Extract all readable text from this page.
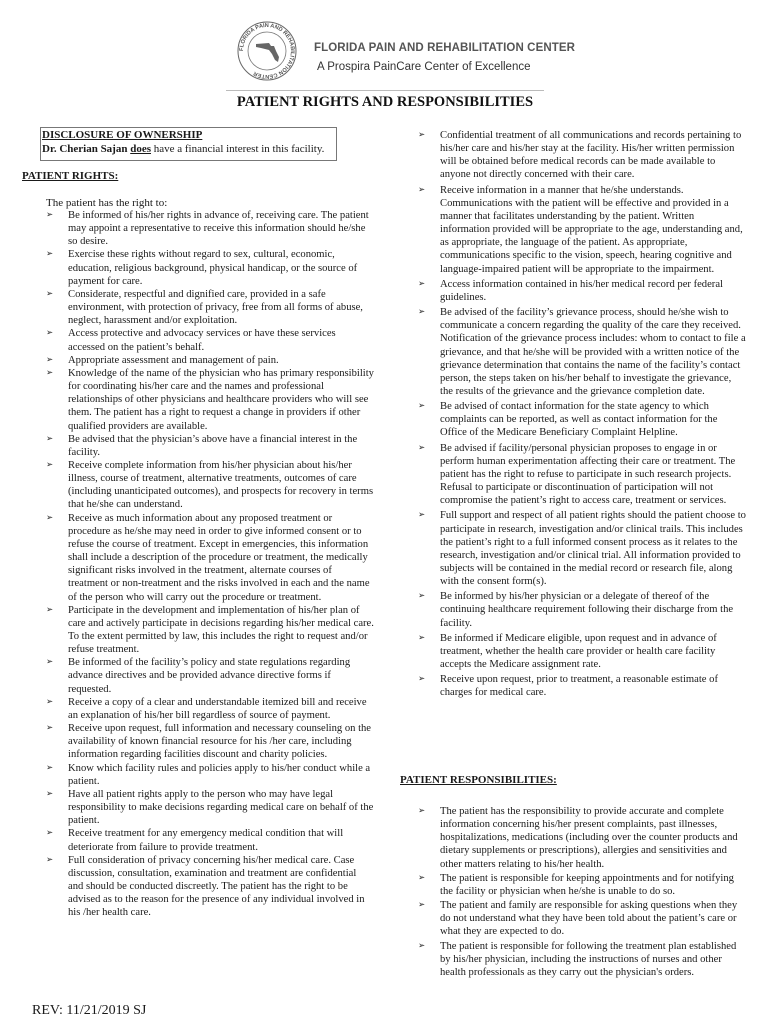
FLORIDA PAIN AND REHABILITATION CENTER
FLORIDA PAIN AND REHABILITATION CENTER
A Prospira PainCare Center of Excellence
PATIENT RIGHTS AND RESPONSIBILITIES
DISCLOSURE OF OWNERSHIP
Dr. Cherian Sajan does have a financial interest in this facility.
PATIENT RIGHTS:
The patient has the right to:
➢ Be informed of his/her rights in advance of, receiving care. The patient may appoint a representative to receive this information should he/she so desire.
➢ Exercise these rights without regard to sex, cultural, economic, education, religious background, physical handicap, or the source of payment for care.
➢ Considerate, respectful and dignified care, provided in a safe environment, with protection of privacy, free from all forms of abuse, neglect, harassment and/or exploitation.
➢ Access protective and advocacy services or have these services accessed on the patient’s behalf.
➢ Appropriate assessment and management of pain.
➢ Knowledge of the name of the physician who has primary responsibility for coordinating his/her care and the names and professional relationships of other physicians and healthcare providers who will see them. The patient has a right to request a change in providers if other qualified providers are available.
➢ Be advised that the physician’s above have a financial interest in the facility.
➢ Receive complete information from his/her physician about his/her illness, course of treatment, alternative treatments, outcomes of care (including unanticipated outcomes), and prospects for recovery in terms that he/she can understand.
➢ Receive as much information about any proposed treatment or procedure as he/she may need in order to give informed consent or to refuse the course of treatment. Except in emergencies, this information shall include a description of the procedure or treatment, the medically significant risks involved in the treatment, alternate courses of treatment or non-treatment and the risks involved in each and the name of the person who will carry out the procedure or treatment.
➢ Participate in the development and implementation of his/her plan of care and actively participate in decisions regarding his/her medical care. To the extent permitted by law, this includes the right to request and/or refuse treatment.
➢ Be informed of the facility’s policy and state regulations regarding advance directives and be provided advance directive forms if requested.
➢ Receive a copy of a clear and understandable itemized bill and receive an explanation of his/her bill regardless of source of payment.
➢ Receive upon request, full information and necessary counseling on the availability of known financial resource for his /her care, including information regarding facilities discount and charity policies.
➢ Know which facility rules and policies apply to his/her conduct while a patient.
➢ Have all patient rights apply to the person who may have legal responsibility to make decisions regarding medical care on behalf of the patient.
➢ Receive treatment for any emergency medical condition that will deteriorate from failure to provide treatment.
➢ Full consideration of privacy concerning his/her medical care. Case discussion, consultation, examination and treatment are confidential and should be conducted discreetly. The patient has the right to be advised as to the reason for the presence of any individual involved in his /her health care.
➢ Confidential treatment of all communications and records pertaining to his/her care and his/her stay at the facility. His/her written permission will be obtained before medical records can be made available to anyone not directly concerned with their care.
➢ Receive information in a manner that he/she understands. Communications with the patient will be effective and provided in a manner that facilitates understanding by the patient. Written information provided will be appropriate to the age, understanding and, as appropriate, the language of the patient. As appropriate, communications specific to the vision, speech, hearing cognitive and language-impaired patient will be appropriate to the impairment.
➢ Access information contained in his/her medical record per federal guidelines.
➢ Be advised of the facility’s grievance process, should he/she wish to communicate a concern regarding the quality of the care they received. Notification of the grievance process includes: whom to contact to file a grievance, and that he/she will be provided with a written notice of the grievance determination that contains the name of the facility’s contact person, the steps taken on his/her behalf to investigate the grievance, the results of the grievance and the grievance completion date.
➢ Be advised of contact information for the state agency to which complaints can be reported, as well as contact information for the Office of the Medicare Beneficiary Complaint Helpline.
➢ Be advised if facility/personal physician proposes to engage in or perform human experimentation affecting their care or treatment. The patient has the right to refuse to participate in such research projects. Refusal to participate or discontinuation of participation will not compromise the patient’s right to access care, treatment or services.
➢ Full support and respect of all patient rights should the patient choose to participate in research, investigation and/or clinical trails. This includes the patient’s right to a full informed consent process as it relates to the research, investigation and/or clinical trial. All information provided to subjects will be contained in the medial record or research file, along with the consent form(s).
➢ Be informed by his/her physician or a delegate of thereof of the continuing healthcare requirement following their discharge from the facility.
➢ Be informed if Medicare eligible, upon request and in advance of treatment, whether the health care provider or health care facility accepts the Medicare assignment rate.
➢ Receive upon request, prior to treatment, a reasonable estimate of charges for medical care.
PATIENT RESPONSIBILITIES:
➢ The patient has the responsibility to provide accurate and complete information concerning his/her present complaints, past illnesses, hospitalizations, medications (including over the counter products and dietary supplements or prescriptions), allergies and sensitivities and other matters relating to his/her health.
➢ The patient is responsible for keeping appointments and for notifying the facility or physician when he/she is unable to do so.
➢ The patient and family are responsible for asking questions when they do not understand what they have been told about the patient’s care or what they are expected to do.
➢ The patient is responsible for following the treatment plan established by his/her physician, including the instructions of nurses and other health professionals as they carry out the physician's orders.
REV: 11/21/2019 SJ
